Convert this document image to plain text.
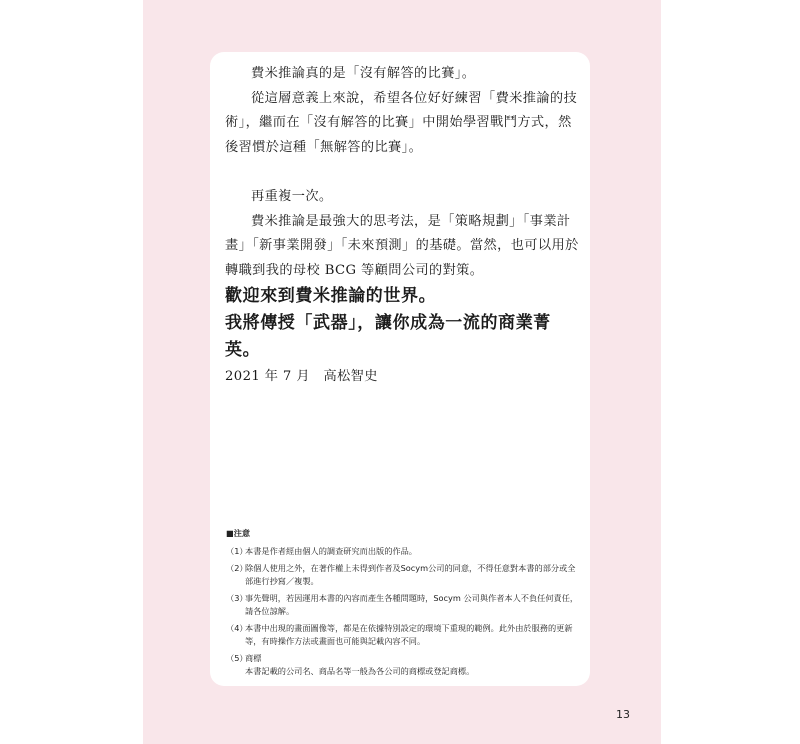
費米推論真的是「沒有解答的比賽」。

從這層意義上來說，希望各位好好練習「費米推論的技術」，繼而在「沒有解答的比賽」中開始學習戰鬥方式，然後習慣於這種「無解答的比賽」。

再重複一次。

費米推論是最強大的思考法，是「策略規劃」「事業計畫」「新事業開發」「未來預測」的基礎。當然，也可以用於轉職到我的母校 BCG 等顧問公司的對策。

歡迎來到費米推論的世界。

我將傳授「武器」，讓你成為一流的商業菁英。

2021 年 7 月　高松智史
■注意
（1）
本書是作者經由個人的調查研究而出版的作品。
（2）
除個人使用之外，在著作權上未得到作者及Socym公司的同意，不得任意對本書的部分或全部進行抄寫／複製。
（3）
事先聲明，若因運用本書的內容而產生各種問題時，Socym 公司與作者本人不負任何責任，請各位諒解。
（4）
本書中出現的畫面圖像等，都是在依據特別設定的環境下重現的範例。此外由於服務的更新等，有時操作方法或畫面也可能與記載內容不同。
（5）
商標
本書記載的公司名、商品名等一般為各公司的商標或登記商標。
13
